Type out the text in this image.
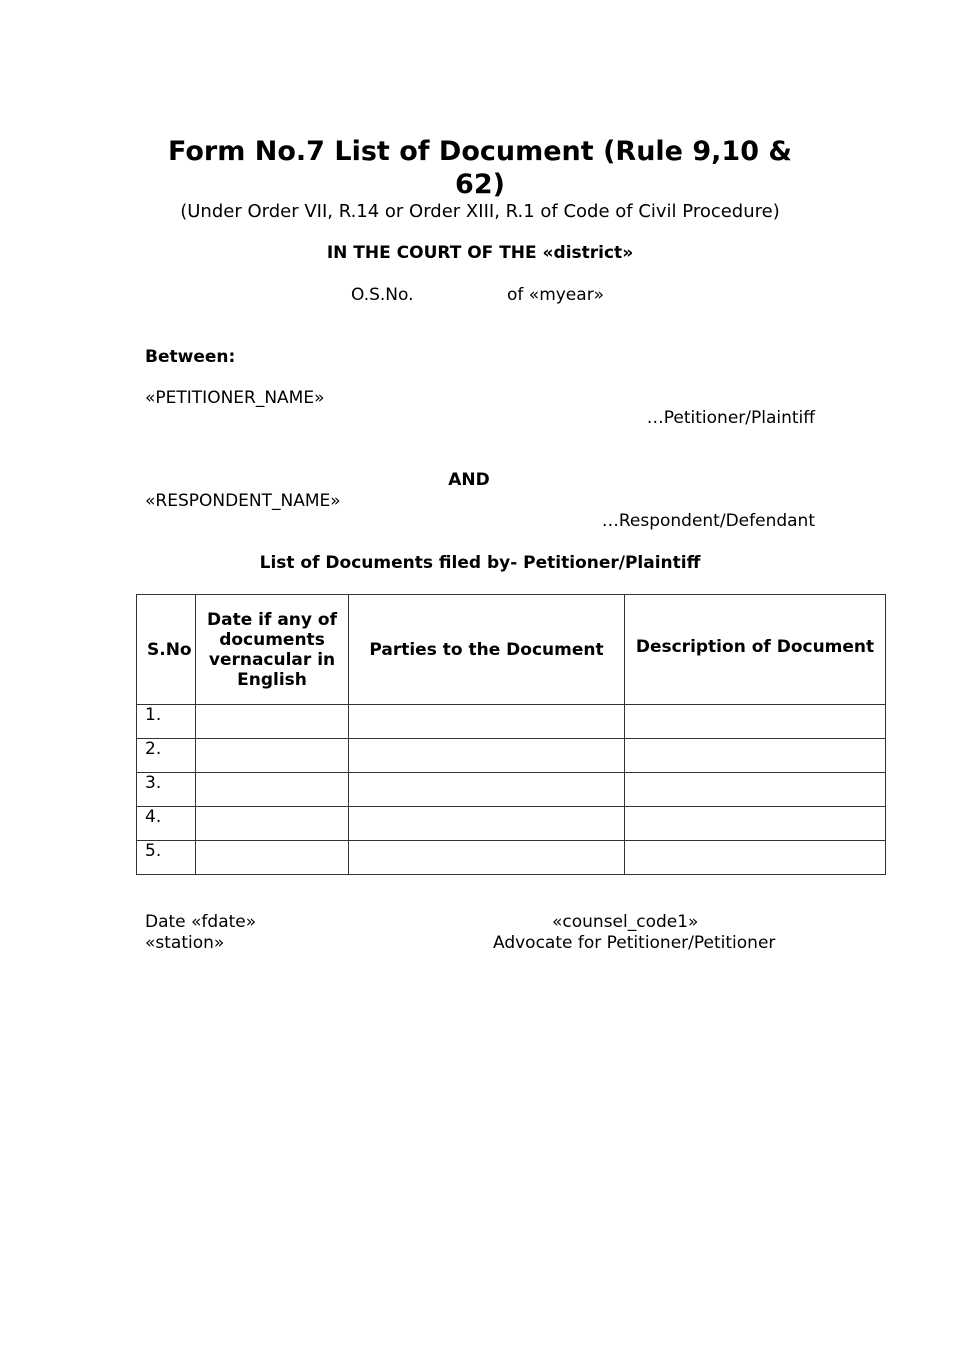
Form No.7 List of Document (Rule 9,10 & 62)
(Under Order VII, R.14 or Order XIII, R.1 of Code of Civil Procedure)
IN THE COURT OF THE «district»
O.S.No.	of «myear»
Between:
«PETITIONER_NAME»
…Petitioner/Plaintiff
AND
«RESPONDENT_NAME»
…Respondent/Defendant
List of Documents filed by- Petitioner/Plaintiff
S.No	Date if any of documents vernacular in English	Parties to the Document	Description of Document
1.			
2.			
3.			
4.			
5.			
Date «fdate»
«station»
«counsel_code1»
Advocate for Petitioner/Petitioner
